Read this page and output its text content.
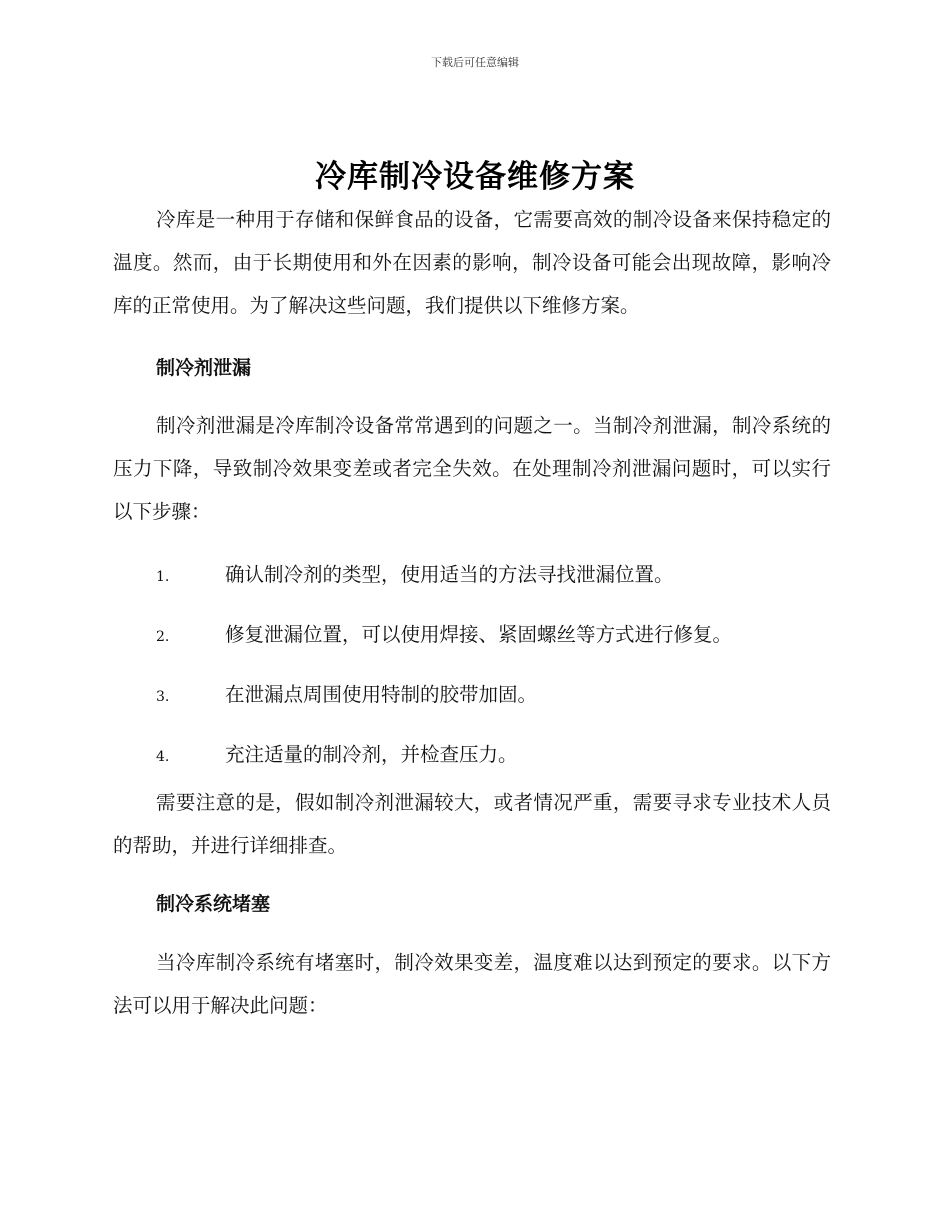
下载后可任意编辑
冷库制冷设备维修方案

冷库是一种用于存储和保鲜食品的设备，它需要高效的制冷设备来保持稳定的温度。然而，由于长期使用和外在因素的影响，制冷设备可能会出现故障，影响冷库的正常使用。为了解决这些问题，我们提供以下维修方案。

制冷剂泄漏

制冷剂泄漏是冷库制冷设备常常遇到的问题之一。当制冷剂泄漏，制冷系统的压力下降，导致制冷效果变差或者完全失效。在处理制冷剂泄漏问题时，可以实行以下步骤：

1.	确认制冷剂的类型，使用适当的方法寻找泄漏位置。

2.	修复泄漏位置，可以使用焊接、紧固螺丝等方式进行修复。

3.	在泄漏点周围使用特制的胶带加固。

4.	充注适量的制冷剂，并检查压力。

需要注意的是，假如制冷剂泄漏较大，或者情况严重，需要寻求专业技术人员的帮助，并进行详细排查。

制冷系统堵塞

当冷库制冷系统有堵塞时，制冷效果变差，温度难以达到预定的要求。以下方法可以用于解决此问题：
